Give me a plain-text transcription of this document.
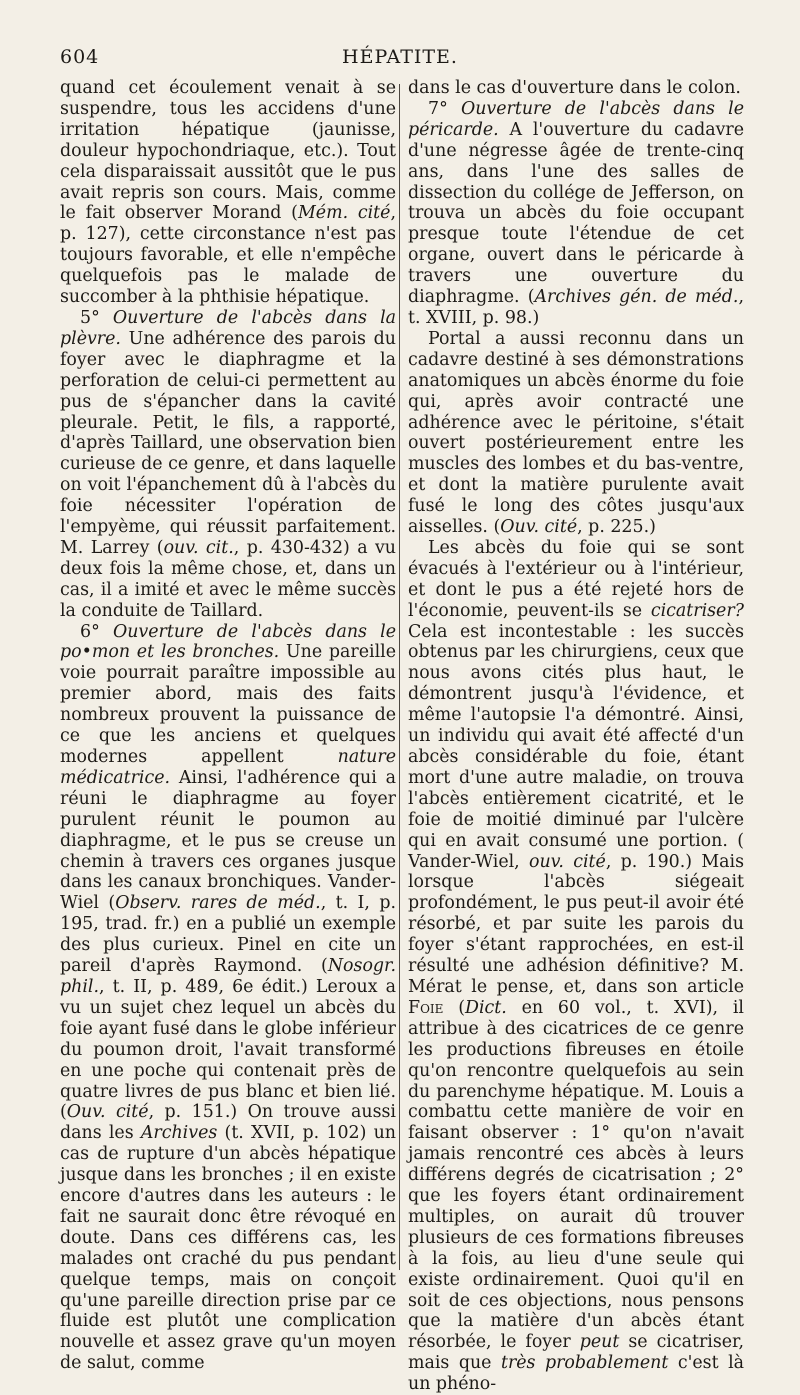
604	HÉPATITE.

quand cet écoulement venait à se suspendre, tous les accidens d'une irritation hépatique (jaunisse, douleur hypochondriaque, etc.). Tout cela disparaissait aussitôt que le pus avait repris son cours. Mais, comme le fait observer Morand (Mém. cité, p. 127), cette circonstance n'est pas toujours favorable, et elle n'empêche quelquefois pas le malade de succomber à la phthisie hépatique.

5° Ouverture de l'abcès dans la plèvre. Une adhérence des parois du foyer avec le diaphragme et la perforation de celui-ci permettent au pus de s'épancher dans la cavité pleurale. Petit, le fils, a rapporté, d'après Taillard, une observation bien curieuse de ce genre, et dans laquelle on voit l'épanchement dû à l'abcès du foie nécessiter l'opération de l'empyème, qui réussit parfaitement. M. Larrey (ouv. cit., p. 430-432) a vu deux fois la même chose, et, dans un cas, il a imité et avec le même succès la conduite de Taillard.

6° Ouverture de l'abcès dans le po•mon et les bronches. Une pareille voie pourrait paraître impossible au premier abord, mais des faits nombreux prouvent la puissance de ce que les anciens et quelques modernes appellent nature médicatrice. Ainsi, l'adhérence qui a réuni le diaphragme au foyer purulent réunit le poumon au diaphragme, et le pus se creuse un chemin à travers ces organes jusque dans les canaux bronchiques. Vander-Wiel (Observ. rares de méd., t. I, p. 195, trad. fr.) en a publié un exemple des plus curieux. Pinel en cite un pareil d'après Raymond. (Nosogr. phil., t. II, p. 489, 6e édit.) Leroux a vu un sujet chez lequel un abcès du foie ayant fusé dans le globe inférieur du poumon droit, l'avait transformé en une poche qui contenait près de quatre livres de pus blanc et bien lié. (Ouv. cité, p. 151.) On trouve aussi dans les Archives (t. XVII, p. 102) un cas de rupture d'un abcès hépatique jusque dans les bronches ; il en existe encore d'autres dans les auteurs : le fait ne saurait donc être révoqué en doute. Dans ces différens cas, les malades ont craché du pus pendant quelque temps, mais on conçoit qu'une pareille direction prise par ce fluide est plutôt une complication nouvelle et assez grave qu'un moyen de salut, comme

dans le cas d'ouverture dans le colon.

7° Ouverture de l'abcès dans le péricarde. A l'ouverture du cadavre d'une négresse âgée de trente-cinq ans, dans l'une des salles de dissection du collége de Jefferson, on trouva un abcès du foie occupant presque toute l'étendue de cet organe, ouvert dans le péricarde à travers une ouverture du diaphragme. (Archives gén. de méd., t. XVIII, p. 98.)

Portal a aussi reconnu dans un cadavre destiné à ses démonstrations anatomiques un abcès énorme du foie qui, après avoir contracté une adhérence avec le péritoine, s'était ouvert postérieurement entre les muscles des lombes et du bas-ventre, et dont la matière purulente avait fusé le long des côtes jusqu'aux aisselles. (Ouv. cité, p. 225.)

Les abcès du foie qui se sont évacués à l'extérieur ou à l'intérieur, et dont le pus a été rejeté hors de l'économie, peuvent-ils se cicatriser? Cela est incontestable : les succès obtenus par les chirurgiens, ceux que nous avons cités plus haut, le démontrent jusqu'à l'évidence, et même l'autopsie l'a démontré. Ainsi, un individu qui avait été affecté d'un abcès considérable du foie, étant mort d'une autre maladie, on trouva l'abcès entièrement cicatrité, et le foie de moitié diminué par l'ulcère qui en avait consumé une portion. ( Vander-Wiel, ouv. cité, p. 190.) Mais lorsque l'abcès siégeait profondément, le pus peut-il avoir été résorbé, et par suite les parois du foyer s'étant rapprochées, en est-il résulté une adhésion définitive? M. Mérat le pense, et, dans son article Foie (Dict. en 60 vol., t. XVI), il attribue à des cicatrices de ce genre les productions fibreuses en étoile qu'on rencontre quelquefois au sein du parenchyme hépatique. M. Louis a combattu cette manière de voir en faisant observer : 1° qu'on n'avait jamais rencontré ces abcès à leurs différens degrés de cicatrisation ; 2° que les foyers étant ordinairement multiples, on aurait dû trouver plusieurs de ces formations fibreuses à la fois, au lieu d'une seule qui existe ordinairement. Quoi qu'il en soit de ces objections, nous pensons que la matière d'un abcès étant résorbée, le foyer peut se cicatriser, mais que très probablement c'est là un phéno-
